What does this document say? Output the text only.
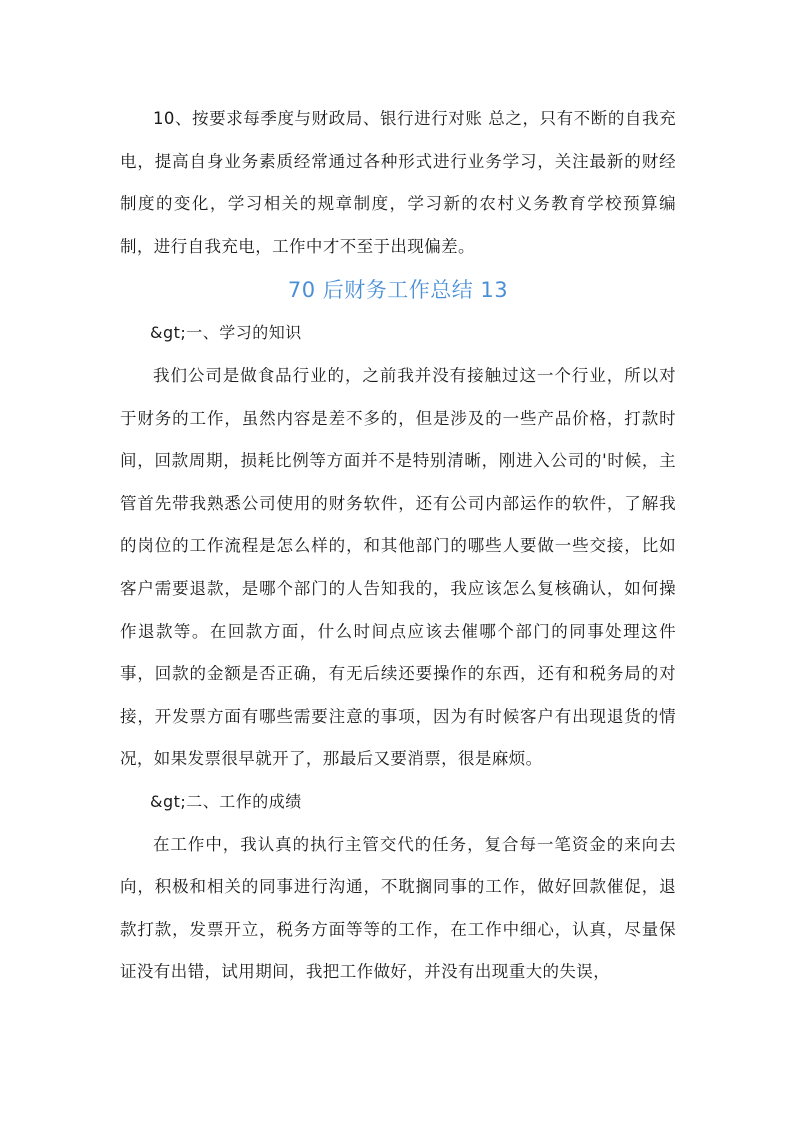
10、按要求每季度与财政局、银行进行对账 总之，只有不断的自我充电，提高自身业务素质经常通过各种形式进行业务学习，关注最新的财经制度的变化，学习相关的规章制度，学习新的农村义务教育学校预算编制，进行自我充电，工作中才不至于出现偏差。

70 后财务工作总结 13

&gt;一、学习的知识

我们公司是做食品行业的，之前我并没有接触过这一个行业，所以对于财务的工作，虽然内容是差不多的，但是涉及的一些产品价格，打款时间，回款周期，损耗比例等方面并不是特别清晰，刚进入公司的'时候，主管首先带我熟悉公司使用的财务软件，还有公司内部运作的软件，了解我的岗位的工作流程是怎么样的，和其他部门的哪些人要做一些交接，比如客户需要退款，是哪个部门的人告知我的，我应该怎么复核确认，如何操作退款等。在回款方面，什么时间点应该去催哪个部门的同事处理这件事，回款的金额是否正确，有无后续还要操作的东西，还有和税务局的对接，开发票方面有哪些需要注意的事项，因为有时候客户有出现退货的情况，如果发票很早就开了，那最后又要消票，很是麻烦。

&gt;二、工作的成绩

在工作中，我认真的执行主管交代的任务，复合每一笔资金的来向去向，积极和相关的同事进行沟通，不耽搁同事的工作，做好回款催促，退款打款，发票开立，税务方面等等的工作，在工作中细心，认真，尽量保证没有出错，试用期间，我把工作做好，并没有出现重大的失误，
